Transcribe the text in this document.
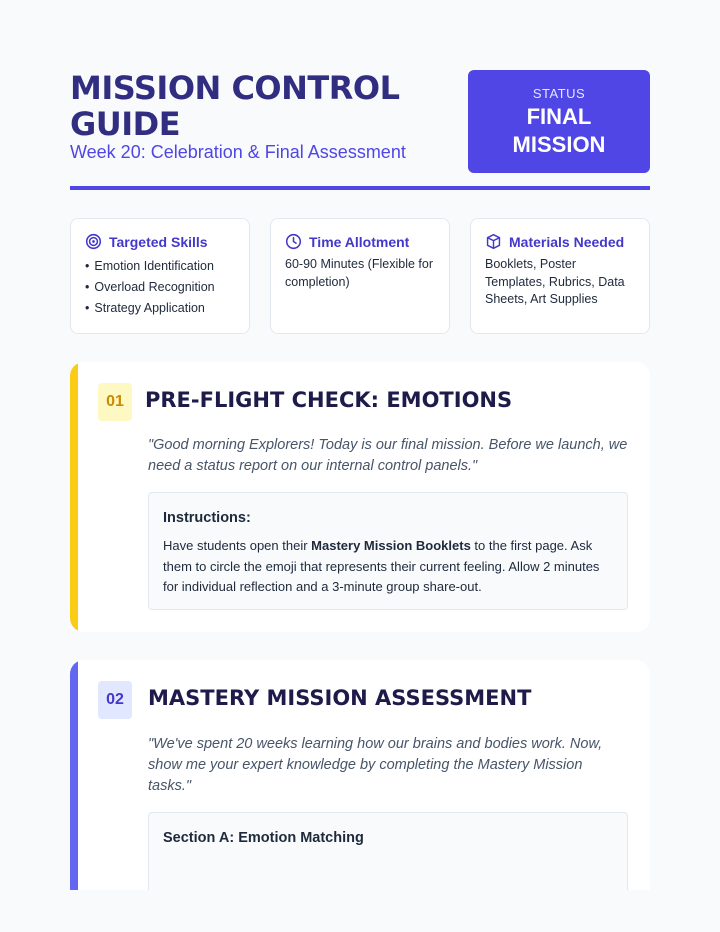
MISSION CONTROL GUIDE
Week 20: Celebration & Final Assessment
STATUS
FINAL MISSION
Targeted Skills
• Emotion Identification
• Overload Recognition
• Strategy Application
Time Allotment
60-90 Minutes (Flexible for completion)
Materials Needed
Booklets, Poster Templates, Rubrics, Data Sheets, Art Supplies
01	PRE-FLIGHT CHECK: EMOTIONS
"Good morning Explorers! Today is our final mission. Before we launch, we need a status report on our internal control panels."
Instructions:
Have students open their Mastery Mission Booklets to the first page. Ask them to circle the emoji that represents their current feeling. Allow 2 minutes for individual reflection and a 3-minute group share-out.
02	MASTERY MISSION ASSESSMENT
"We've spent 20 weeks learning how our brains and bodies work. Now, show me your expert knowledge by completing the Mastery Mission tasks."
Section A: Emotion Matching
